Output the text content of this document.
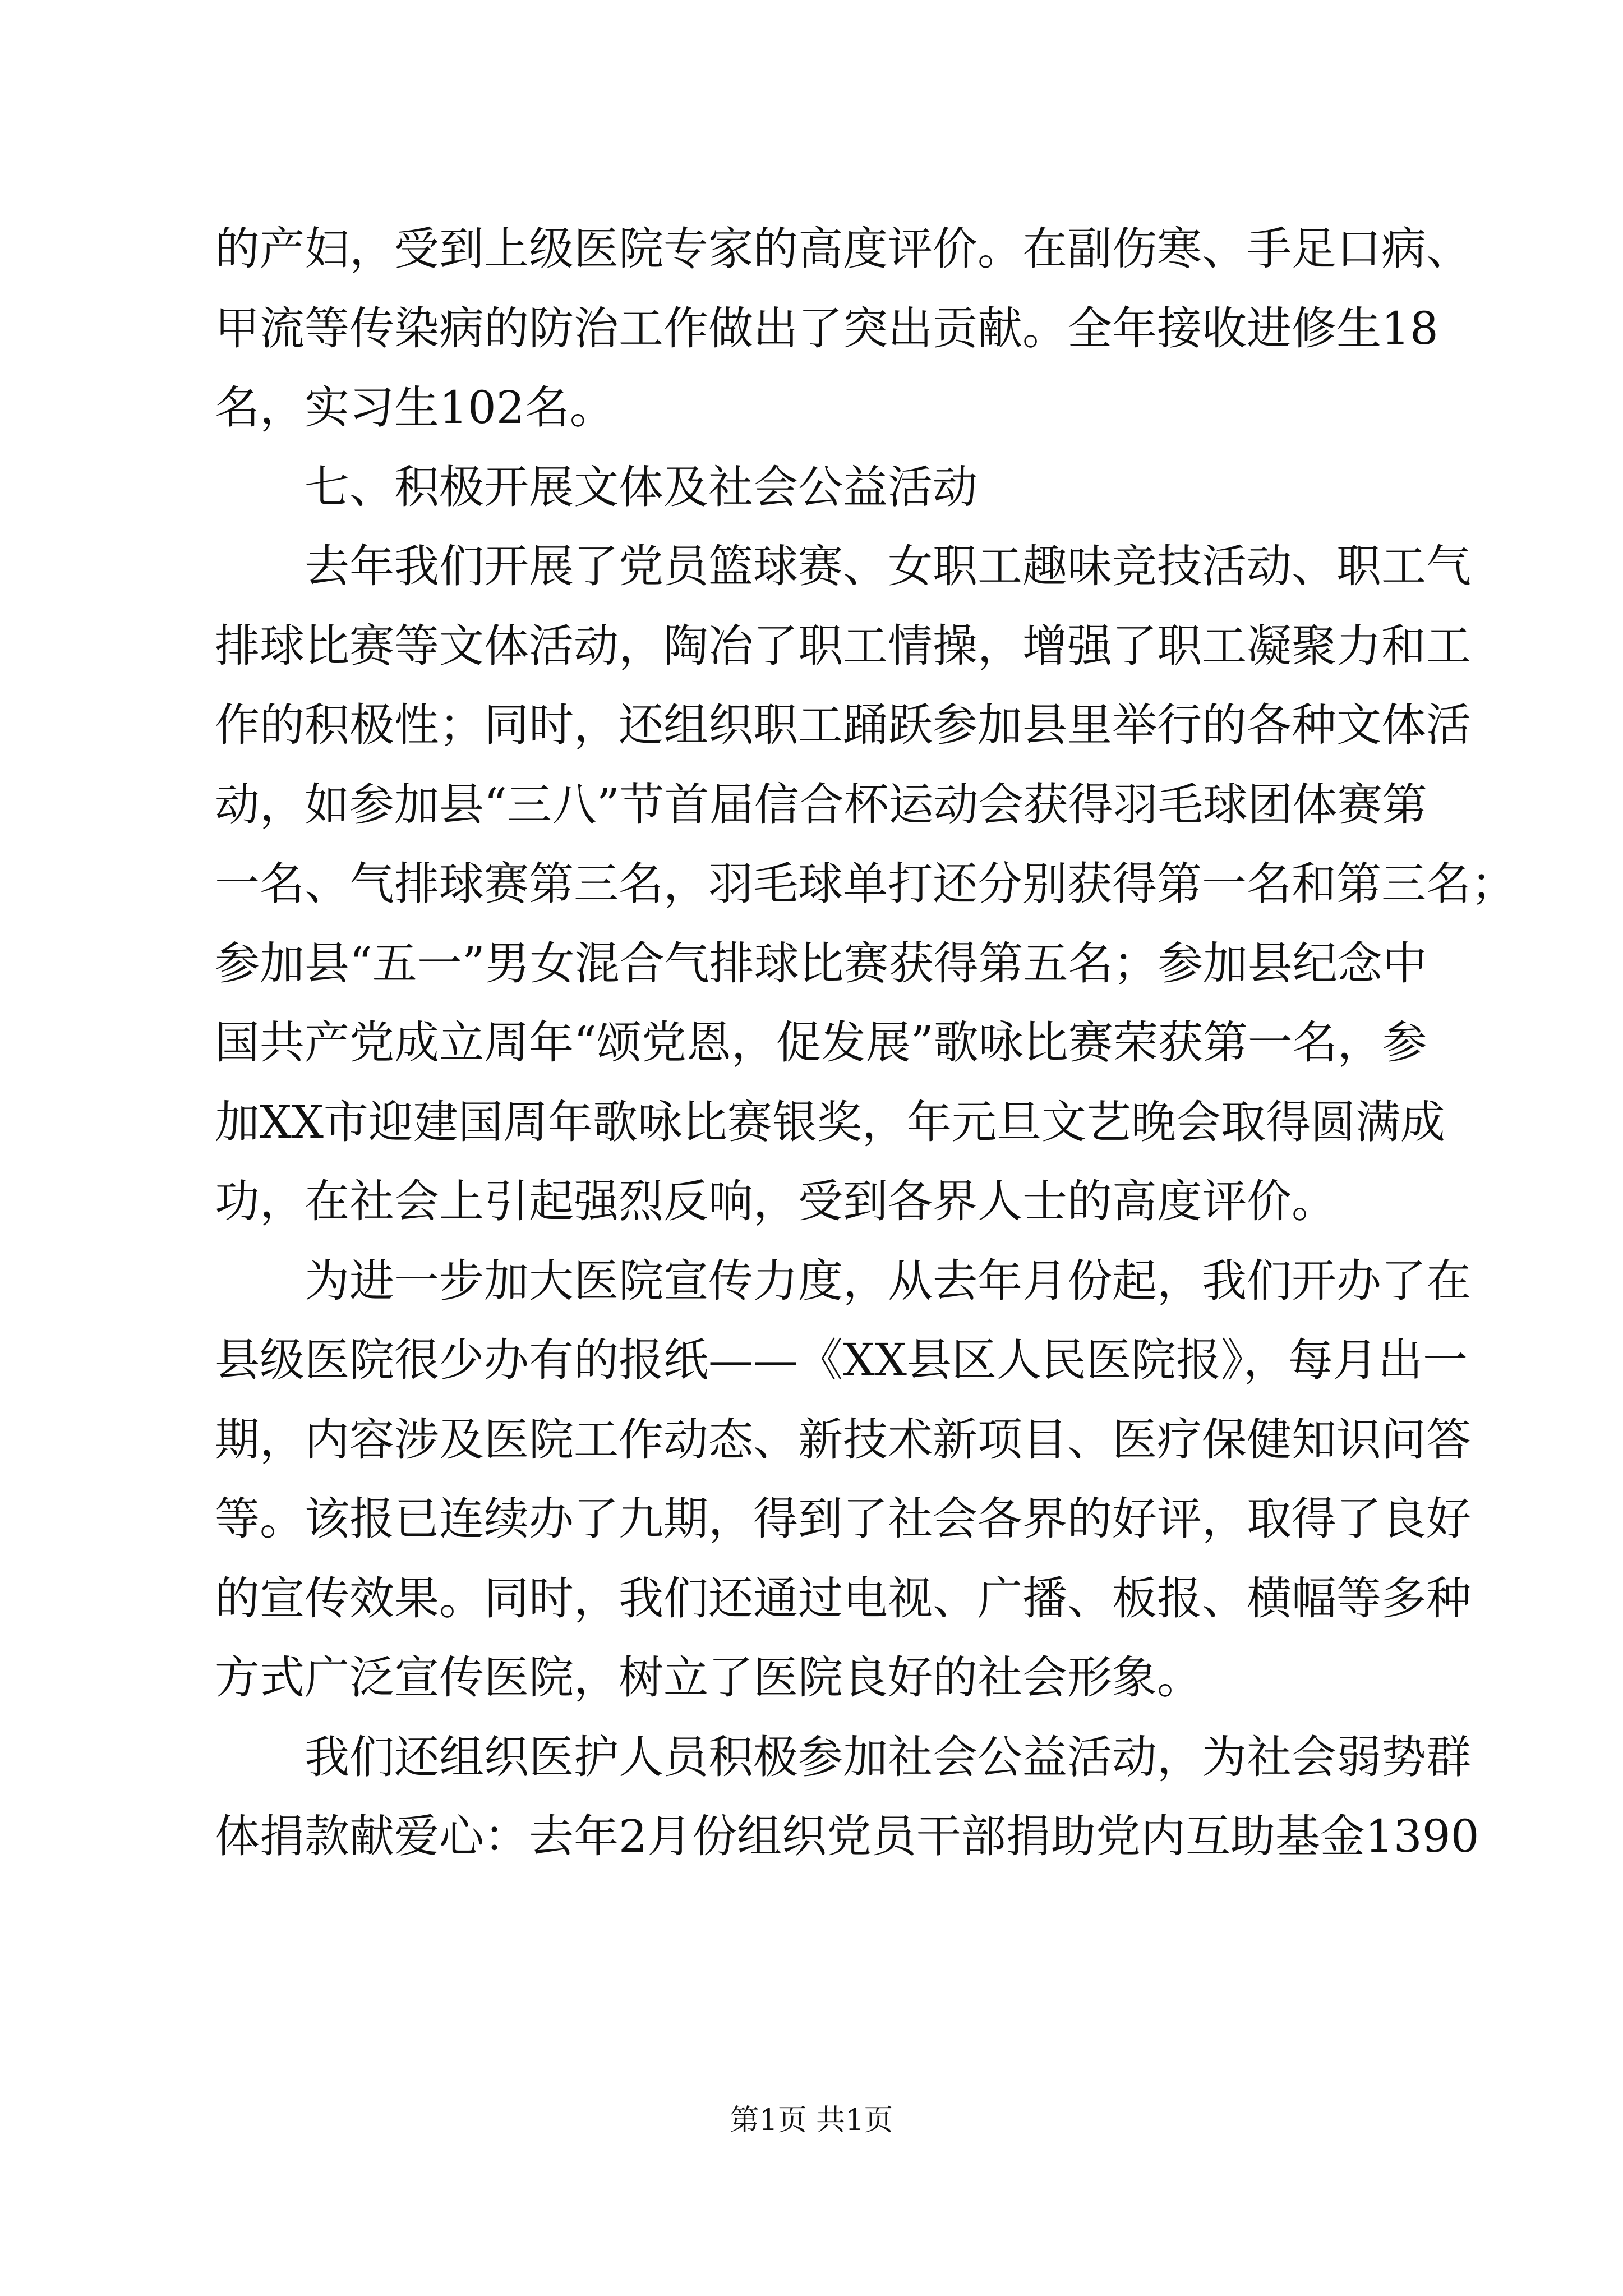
的产妇，受到上级医院专家的高度评价。在副伤寒、手足口病、
甲流等传染病的防治工作做出了突出贡献。全年接收进修生18
名，实习生102名。
七、积极开展文体及社会公益活动
去年我们开展了党员篮球赛、女职工趣味竞技活动、职工气
排球比赛等文体活动，陶冶了职工情操，增强了职工凝聚力和工
作的积极性；同时，还组织职工踊跃参加县里举行的各种文体活
动，如参加县“三八”节首届信合杯运动会获得羽毛球团体赛第
一名、气排球赛第三名，羽毛球单打还分别获得第一名和第三名；
参加县“五一”男女混合气排球比赛获得第五名；参加县纪念中
国共产党成立周年“颂党恩，促发展”歌咏比赛荣获第一名，参
加XX市迎建国周年歌咏比赛银奖，年元旦文艺晚会取得圆满成
功，在社会上引起强烈反响，受到各界人士的高度评价。
为进一步加大医院宣传力度，从去年月份起，我们开办了在
县级医院很少办有的报纸——《XX县区人民医院报》，每月出一
期，内容涉及医院工作动态、新技术新项目、医疗保健知识问答
等。该报已连续办了九期，得到了社会各界的好评，取得了良好
的宣传效果。同时，我们还通过电视、广播、板报、横幅等多种
方式广泛宣传医院，树立了医院良好的社会形象。
我们还组织医护人员积极参加社会公益活动，为社会弱势群
体捐款献爱心：去年2月份组织党员干部捐助党内互助基金1390
第1页 共1页
